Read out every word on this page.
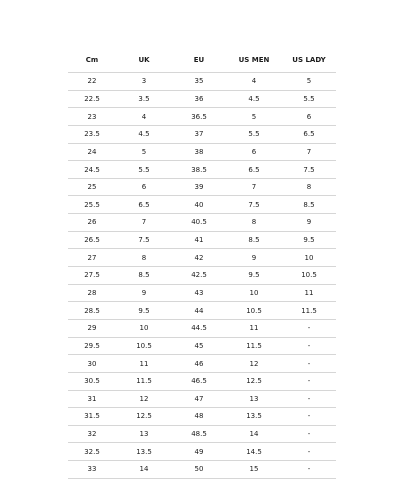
Cm	UK	EU	US MEN	US LADY
22	3	35	4	5
22.5	3.5	36	4.5	5.5
23	4	36.5	5	6
23.5	4.5	37	5.5	6.5
24	5	38	6	7
24.5	5.5	38.5	6.5	7.5
25	6	39	7	8
25.5	6.5	40	7.5	8.5
26	7	40.5	8	9
26.5	7.5	41	8.5	9.5
27	8	42	9	10
27.5	8.5	42.5	9.5	10.5
28	9	43	10	11
28.5	9.5	44	10.5	11.5
29	10	44.5	11	-
29.5	10.5	45	11.5	-
30	11	46	12	-
30.5	11.5	46.5	12.5	-
31	12	47	13	-
31.5	12.5	48	13.5	-
32	13	48.5	14	-
32.5	13.5	49	14.5	-
33	14	50	15	-
